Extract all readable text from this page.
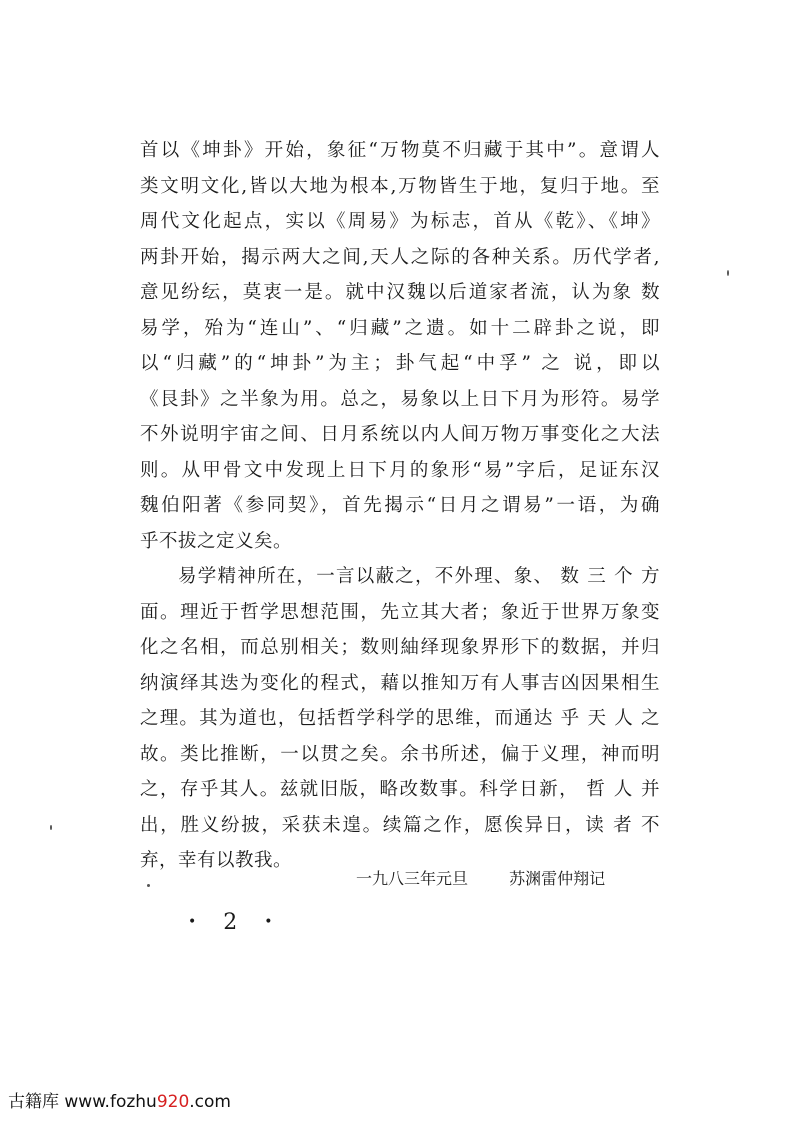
首以《坤卦》开始，象征“万物莫不归藏于其中”。意谓人
类文明文化,皆以大地为根本,万物皆生于地，复归于地。至
周代文化起点，实以《周易》为标志，首从《乾》、《坤》
两卦开始，揭示两大之间,天人之际的各种关系。历代学者,
意见纷纭，莫衷一是。就中汉魏以后道家者流，认为象 数
易学，殆为“连山”、“归藏”之遗。如十二辟卦之说，即
以“归藏”的“坤卦”为主；卦气起“中孚” 之 说，即以
《艮卦》之半象为用。总之，易象以上日下月为形符。易学
不外说明宇宙之间、日月系统以内人间万物万事变化之大法
则。从甲骨文中发现上日下月的象形“易”字后，足证东汉
魏伯阳著《参同契》，首先揭示“日月之谓易”一语，为确
乎不拔之定义矣。
易学精神所在，一言以蔽之，不外理、象、 数 三 个 方
面。理近于哲学思想范围，先立其大者；象近于世界万象变
化之名相，而总别相关；数则紬绎现象界形下的数据，并归
纳演绎其迭为变化的程式，藉以推知万有人事吉凶因果相生
之理。其为道也，包括哲学科学的思维，而通达 乎 天 人 之
故。类比推断，一以贯之矣。余书所述，偏于义理，神而明
之，存乎其人。兹就旧版，略改数事。科学日新， 哲 人 并
出，胜义纷披，采获未遑。续篇之作，愿俟异日，读 者 不
弃，幸有以教我。
一九八三年元旦	苏渊雷仲翔记
• 2 •
古籍库 www.fozhu920.com
